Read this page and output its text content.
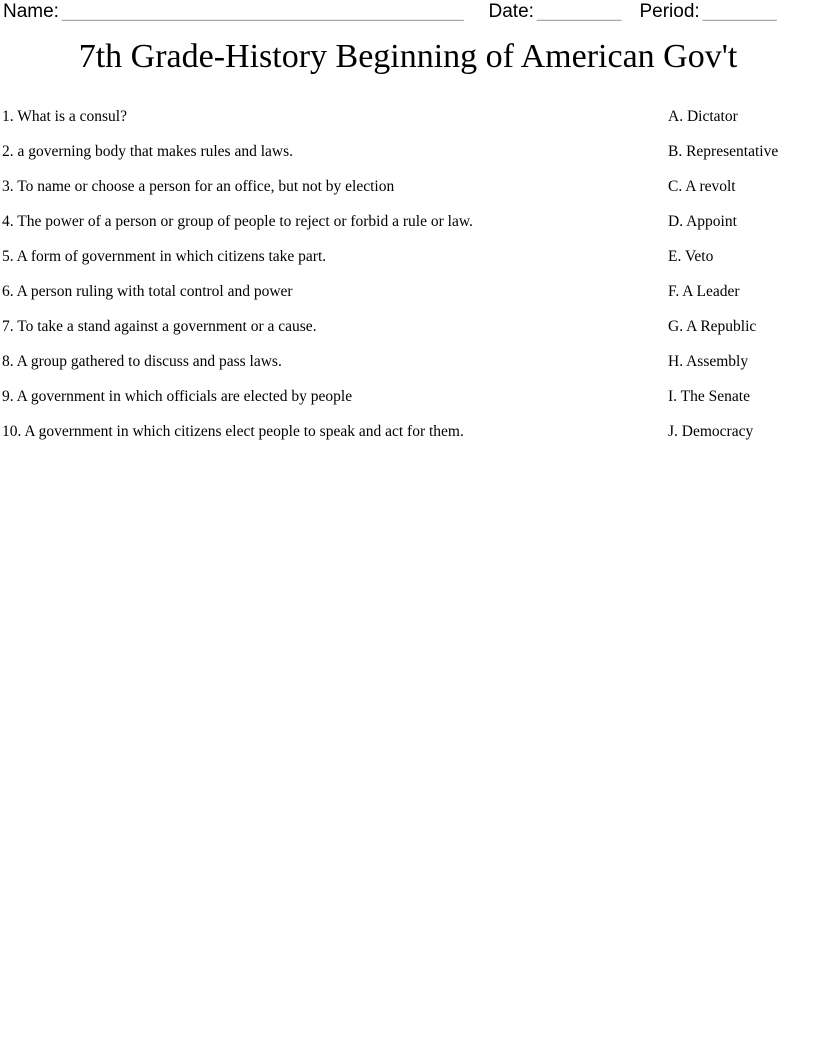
Name: ______________________________________ Date: ________ Period: _______
7th Grade-History Beginning of American Gov't
1. What is a consul?	A. Dictator
2. a governing body that makes rules and laws.	B. Representative
3. To name or choose a person for an office, but not by election	C. A revolt
4. The power of a person or group of people to reject or forbid a rule or law.	D. Appoint
5. A form of government in which citizens take part.	E. Veto
6. A person ruling with total control and power	F. A Leader
7. To take a stand against a government or a cause.	G. A Republic
8. A group gathered to discuss and pass laws.	H. Assembly
9. A government in which officials are elected by people	I. The Senate
10. A government in which citizens elect people to speak and act for them.	J. Democracy
